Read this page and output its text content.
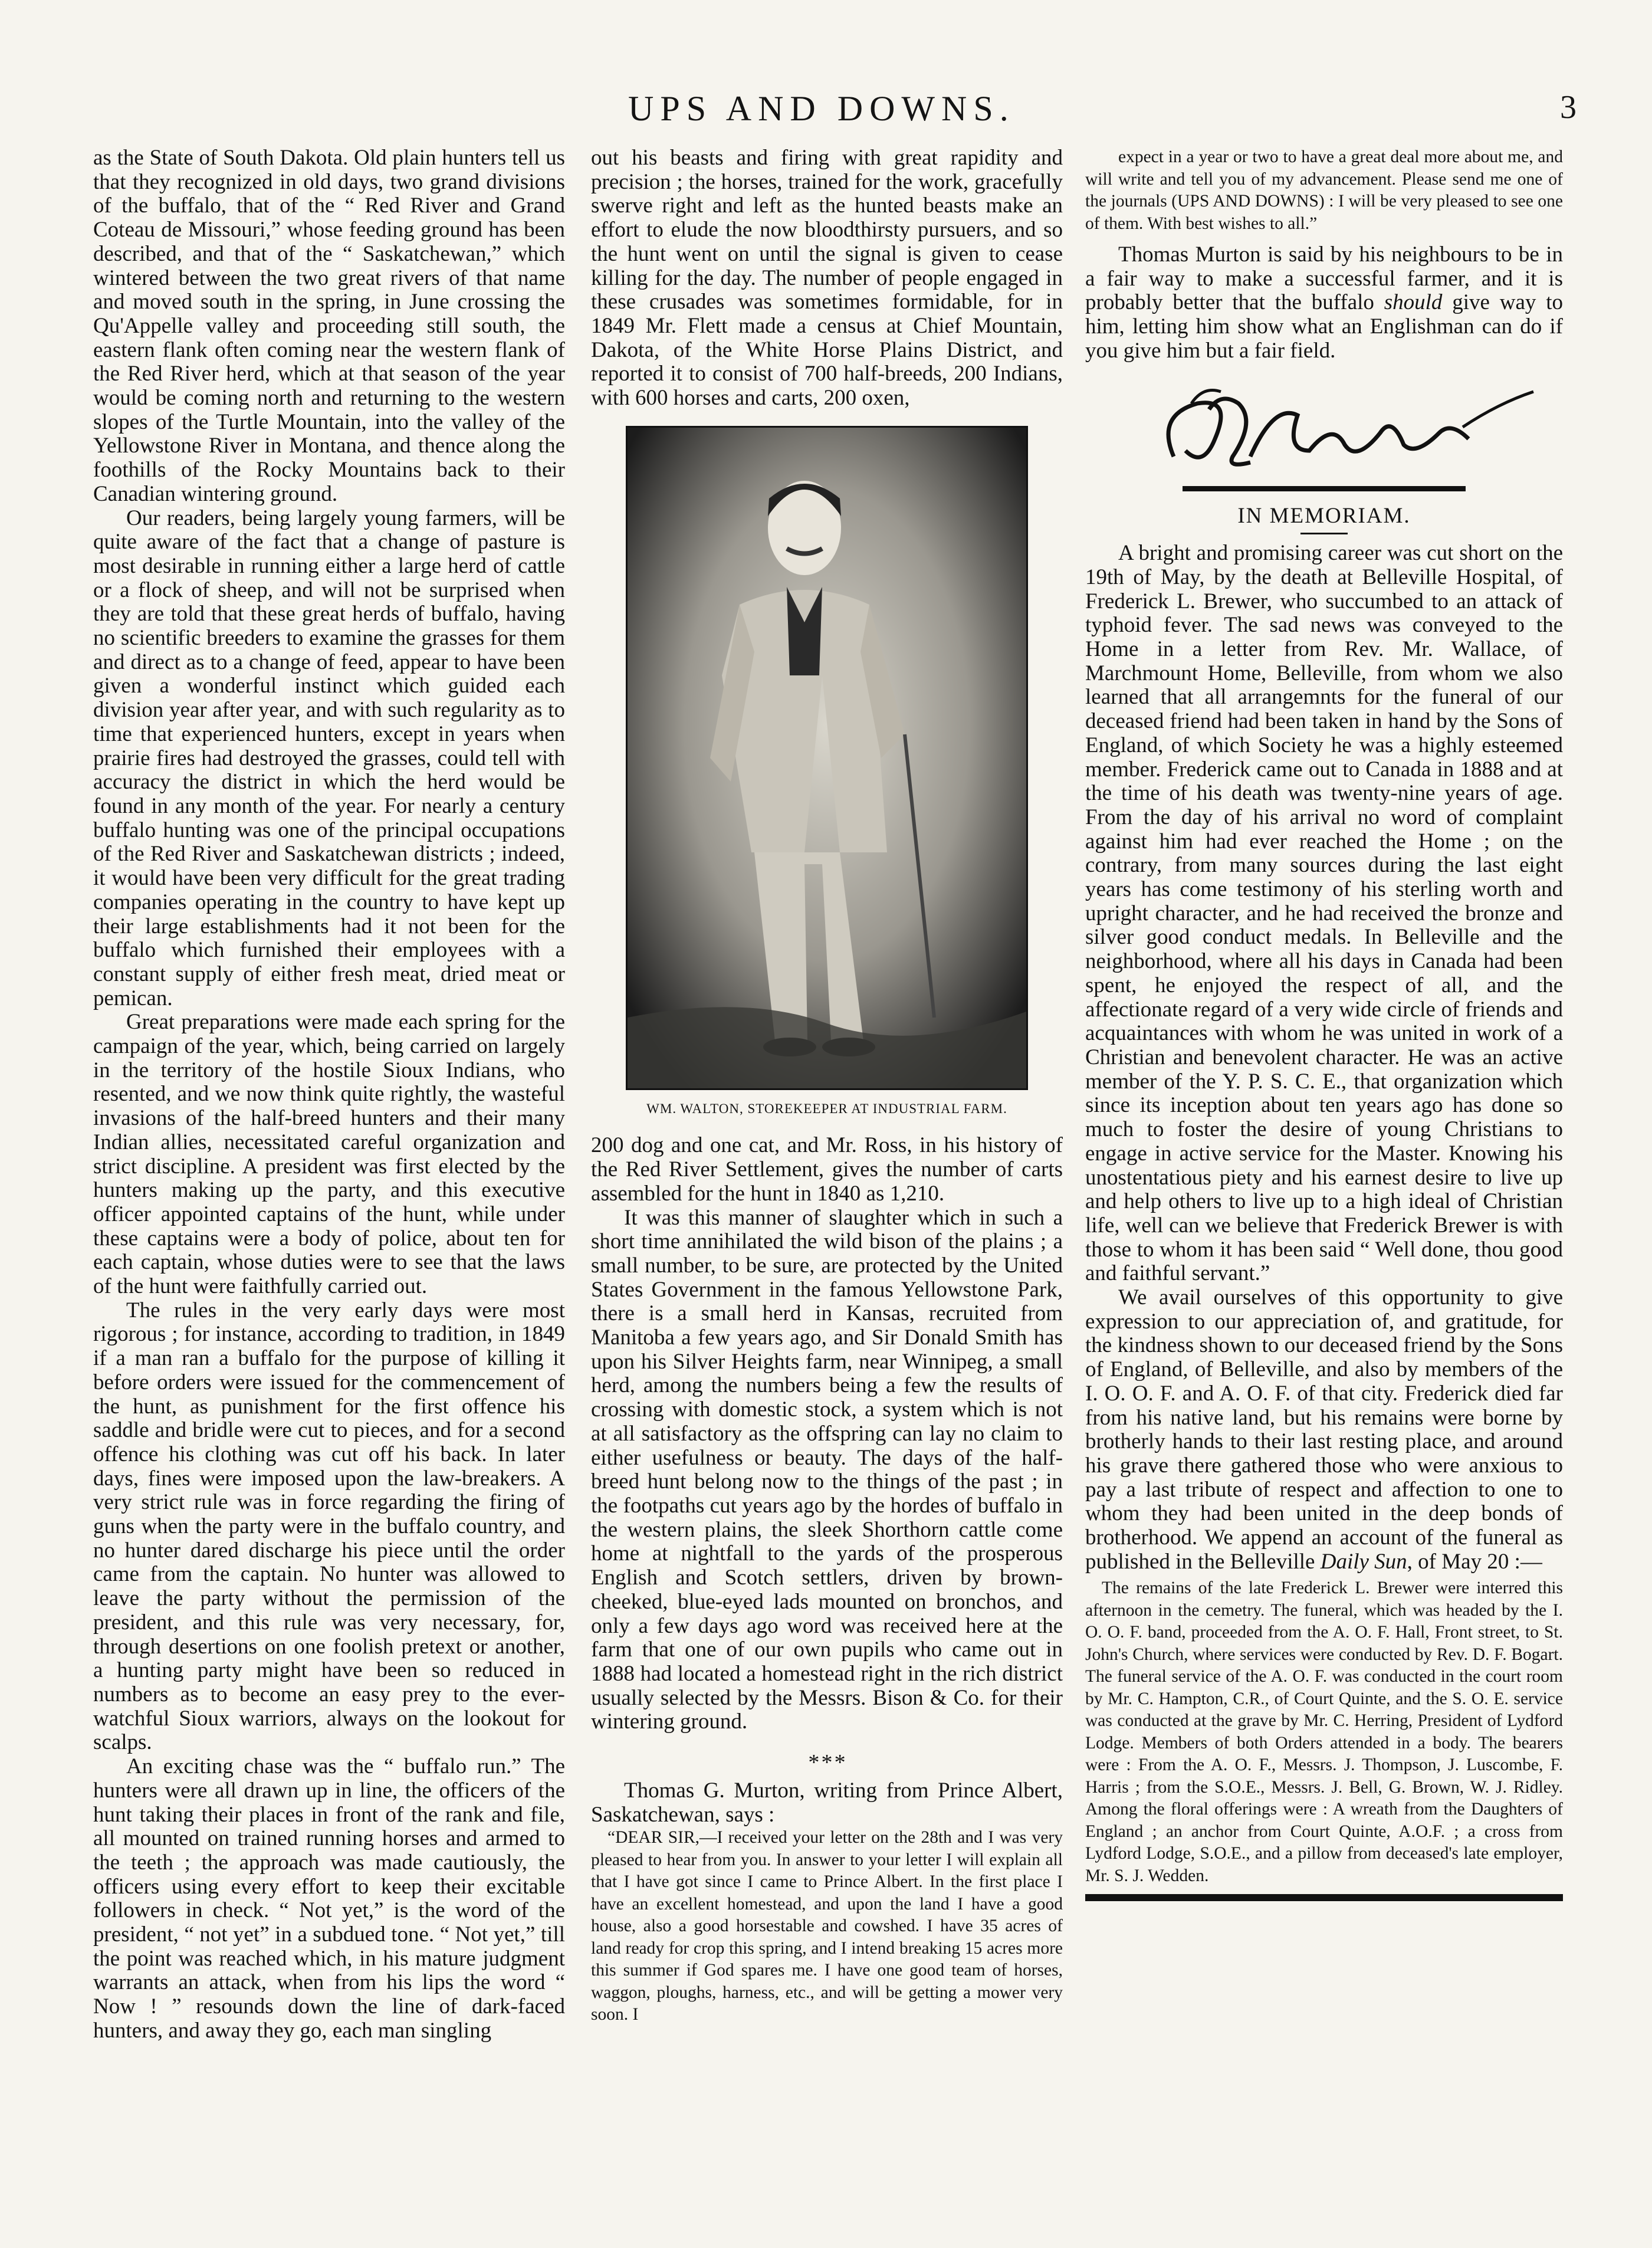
UPS AND DOWNS.	3

as the State of South Dakota. Old plain hunters tell us that they recognized in old days, two grand divisions of the buffalo, that of the “ Red River and Grand Coteau de Missouri,” whose feeding ground has been described, and that of the “ Saskatchewan,” which wintered between the two great rivers of that name and moved south in the spring, in June crossing the Qu'Appelle valley and proceeding still south, the eastern flank often coming near the western flank of the Red River herd, which at that season of the year would be coming north and returning to the western slopes of the Turtle Mountain, into the valley of the Yellowstone River in Montana, and thence along the foothills of the Rocky Mountains back to their Canadian wintering ground.

Our readers, being largely young farmers, will be quite aware of the fact that a change of pasture is most desirable in running either a large herd of cattle or a flock of sheep, and will not be surprised when they are told that these great herds of buffalo, having no scientific breeders to examine the grasses for them and direct as to a change of feed, appear to have been given a wonderful instinct which guided each division year after year, and with such regularity as to time that experienced hunters, except in years when prairie fires had destroyed the grasses, could tell with accuracy the district in which the herd would be found in any month of the year. For nearly a century buffalo hunting was one of the principal occupations of the Red River and Saskatchewan districts ; indeed, it would have been very difficult for the great trading companies operating in the country to have kept up their large establishments had it not been for the buffalo which furnished their employees with a constant supply of either fresh meat, dried meat or pemican.

Great preparations were made each spring for the campaign of the year, which, being carried on largely in the territory of the hostile Sioux Indians, who resented, and we now think quite rightly, the wasteful invasions of the half-breed hunters and their many Indian allies, necessitated careful organization and strict discipline. A president was first elected by the hunters making up the party, and this executive officer appointed captains of the hunt, while under these captains were a body of police, about ten for each captain, whose duties were to see that the laws of the hunt were faithfully carried out.

The rules in the very early days were most rigorous ; for instance, according to tradition, in 1849 if a man ran a buffalo for the purpose of killing it before orders were issued for the commencement of the hunt, as punishment for the first offence his saddle and bridle were cut to pieces, and for a second offence his clothing was cut off his back. In later days, fines were imposed upon the law-breakers. A very strict rule was in force regarding the firing of guns when the party were in the buffalo country, and no hunter dared discharge his piece until the order came from the captain. No hunter was allowed to leave the party without the permission of the president, and this rule was very necessary, for, through desertions on one foolish pretext or another, a hunting party might have been so reduced in numbers as to become an easy prey to the ever-watchful Sioux warriors, always on the lookout for scalps.

An exciting chase was the “ buffalo run.” The hunters were all drawn up in line, the officers of the hunt taking their places in front of the rank and file, all mounted on trained running horses and armed to the teeth ; the approach was made cautiously, the officers using every effort to keep their excitable followers in check. “ Not yet,” is the word of the president, “ not yet” in a subdued tone. “ Not yet,” till the point was reached which, in his mature judgment warrants an attack, when from his lips the word “ Now ! ” resounds down the line of dark-faced hunters, and away they go, each man singling

out his beasts and firing with great rapidity and precision ; the horses, trained for the work, gracefully swerve right and left as the hunted beasts make an effort to elude the now bloodthirsty pursuers, and so the hunt went on until the signal is given to cease killing for the day. The number of people engaged in these crusades was sometimes formidable, for in 1849 Mr. Flett made a census at Chief Mountain, Dakota, of the White Horse Plains District, and reported it to consist of 700 half-breeds, 200 Indians, with 600 horses and carts, 200 oxen,

WM. WALTON, STOREKEEPER AT INDUSTRIAL FARM.

200 dog and one cat, and Mr. Ross, in his history of the Red River Settlement, gives the number of carts assembled for the hunt in 1840 as 1,210.

It was this manner of slaughter which in such a short time annihilated the wild bison of the plains ; a small number, to be sure, are protected by the United States Government in the famous Yellowstone Park, there is a small herd in Kansas, recruited from Manitoba a few years ago, and Sir Donald Smith has upon his Silver Heights farm, near Winnipeg, a small herd, among the numbers being a few the results of crossing with domestic stock, a system which is not at all satisfactory as the offspring can lay no claim to either usefulness or beauty. The days of the half-breed hunt belong now to the things of the past ; in the footpaths cut years ago by the hordes of buffalo in the western plains, the sleek Shorthorn cattle come home at nightfall to the yards of the prosperous English and Scotch settlers, driven by brown-cheeked, blue-eyed lads mounted on bronchos, and only a few days ago word was received here at the farm that one of our own pupils who came out in 1888 had located a homestead right in the rich district usually selected by the Messrs. Bison & Co. for their wintering ground.

* * *

Thomas G. Murton, writing from Prince Albert, Saskatchewan, says :

“DEAR SIR,—I received your letter on the 28th and I was very pleased to hear from you. In answer to your letter I will explain all that I have got since I came to Prince Albert. In the first place I have an excellent homestead, and upon the land I have a good house, also a good horsestable and cowshed. I have 35 acres of land ready for crop this spring, and I intend breaking 15 acres more this summer if God spares me. I have one good team of horses, waggon, ploughs, harness, etc., and will be getting a mower very soon. I

expect in a year or two to have a great deal more about me, and will write and tell you of my advancement. Please send me one of the journals (UPS AND DOWNS) : I will be very pleased to see one of them. With best wishes to all.”

Thomas Murton is said by his neighbours to be in a fair way to make a successful farmer, and it is probably better that the buffalo should give way to him, letting him show what an Englishman can do if you give him but a fair field.

IN MEMORIAM.

A bright and promising career was cut short on the 19th of May, by the death at Belleville Hospital, of Frederick L. Brewer, who succumbed to an attack of typhoid fever. The sad news was conveyed to the Home in a letter from Rev. Mr. Wallace, of Marchmount Home, Belleville, from whom we also learned that all arrangemnts for the funeral of our deceased friend had been taken in hand by the Sons of England, of which Society he was a highly esteemed member. Frederick came out to Canada in 1888 and at the time of his death was twenty-nine years of age. From the day of his arrival no word of complaint against him had ever reached the Home ; on the contrary, from many sources during the last eight years has come testimony of his sterling worth and upright character, and he had received the bronze and silver good conduct medals. In Belleville and the neighborhood, where all his days in Canada had been spent, he enjoyed the respect of all, and the affectionate regard of a very wide circle of friends and acquaintances with whom he was united in work of a Christian and benevolent character. He was an active member of the Y. P. S. C. E., that organization which since its inception about ten years ago has done so much to foster the desire of young Christians to engage in active service for the Master. Knowing his unostentatious piety and his earnest desire to live up and help others to live up to a high ideal of Christian life, well can we believe that Frederick Brewer is with those to whom it has been said “ Well done, thou good and faithful servant.”

We avail ourselves of this opportunity to give expression to our appreciation of, and gratitude, for the kindness shown to our deceased friend by the Sons of England, of Belleville, and also by members of the I. O. O. F. and A. O. F. of that city. Frederick died far from his native land, but his remains were borne by brotherly hands to their last resting place, and around his grave there gathered those who were anxious to pay a last tribute of respect and affection to one to whom they had been united in the deep bonds of brotherhood. We append an account of the funeral as published in the Belleville Daily Sun, of May 20 :—

The remains of the late Frederick L. Brewer were interred this afternoon in the cemetry. The funeral, which was headed by the I. O. O. F. band, proceeded from the A. O. F. Hall, Front street, to St. John's Church, where services were conducted by Rev. D. F. Bogart. The funeral service of the A. O. F. was conducted in the court room by Mr. C. Hampton, C.R., of Court Quinte, and the S. O. E. service was conducted at the grave by Mr. C. Herring, President of Lydford Lodge. Members of both Orders attended in a body. The bearers were : From the A. O. F., Messrs. J. Thompson, J. Luscombe, F. Harris ; from the S.O.E., Messrs. J. Bell, G. Brown, W. J. Ridley. Among the floral offerings were : A wreath from the Daughters of England ; an anchor from Court Quinte, A.O.F. ; a cross from Lydford Lodge, S.O.E., and a pillow from deceased's late employer, Mr. S. J. Wedden.
